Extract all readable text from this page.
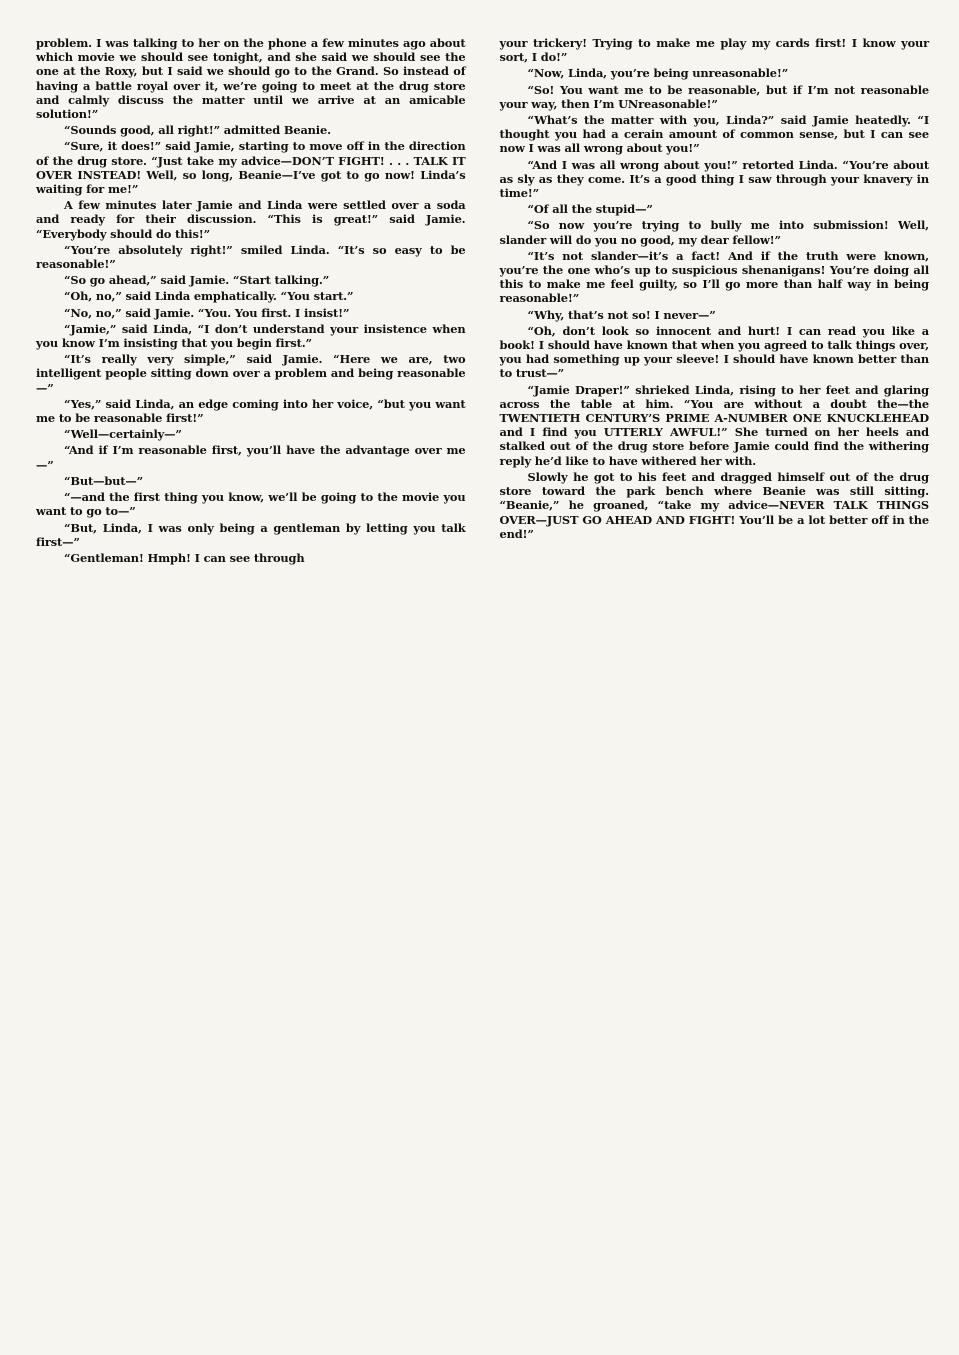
problem. I was talking to her on the phone a few minutes ago about which movie we should see tonight, and she said we should see the one at the Roxy, but I said we should go to the Grand. So instead of having a battle royal over it, we’re going to meet at the drug store and calmly discuss the matter until we arrive at an amicable solution!”

“Sounds good, all right!” admitted Beanie.

“Sure, it does!” said Jamie, starting to move off in the direction of the drug store. “Just take my advice—DON’T FIGHT! . . . TALK IT OVER INSTEAD! Well, so long, Beanie—I’ve got to go now! Linda’s waiting for me!”

A few minutes later Jamie and Linda were settled over a soda and ready for their discussion. “This is great!” said Jamie. “Everybody should do this!”

“You’re absolutely right!” smiled Linda. “It’s so easy to be reasonable!”

“So go ahead,” said Jamie. “Start talking.”

“Oh, no,” said Linda emphatically. “You start.”

“No, no,” said Jamie. “You. You first. I insist!”

“Jamie,” said Linda, “I don’t understand your insistence when you know I’m insisting that you begin first.”

“It’s really very simple,” said Jamie. “Here we are, two intelligent people sitting down over a problem and being reasonable—”

“Yes,” said Linda, an edge coming into her voice, “but you want me to be reasonable first!”

“Well—certainly—”

“And if I’m reasonable first, you’ll have the advantage over me—”

“But—but—”

“—and the first thing you know, we’ll be going to the movie you want to go to—”

“But, Linda, I was only being a gentleman by letting you talk first—”

“Gentleman! Hmph! I can see through

your trickery! Trying to make me play my cards first! I know your sort, I do!”

“Now, Linda, you’re being unreasonable!”

“So! You want me to be reasonable, but if I’m not reasonable your way, then I’m UNreasonable!”

“What’s the matter with you, Linda?” said Jamie heatedly. “I thought you had a cerain amount of common sense, but I can see now I was all wrong about you!”

“And I was all wrong about you!” retorted Linda. “You’re about as sly as they come. It’s a good thing I saw through your knavery in time!”

“Of all the stupid—”

“So now you’re trying to bully me into submission! Well, slander will do you no good, my dear fellow!”

“It’s not slander—it’s a fact! And if the truth were known, you’re the one who’s up to suspicious shenanigans! You’re doing all this to make me feel guilty, so I’ll go more than half way in being reasonable!”

“Why, that’s not so! I never—”

“Oh, don’t look so innocent and hurt! I can read you like a book! I should have known that when you agreed to talk things over, you had something up your sleeve! I should have known better than to trust—”

“Jamie Draper!” shrieked Linda, rising to her feet and glaring across the table at him. “You are without a doubt the—the TWENTIETH CENTURY’S PRIME A-NUMBER ONE KNUCKLEHEAD and I find you UTTERLY AWFUL!” She turned on her heels and stalked out of the drug store before Jamie could find the withering reply he’d like to have withered her with.

Slowly he got to his feet and dragged himself out of the drug store toward the park bench where Beanie was still sitting. “Beanie,” he groaned, “take my advice—NEVER TALK THINGS OVER—JUST GO AHEAD AND FIGHT! You’ll be a lot better off in the end!”
